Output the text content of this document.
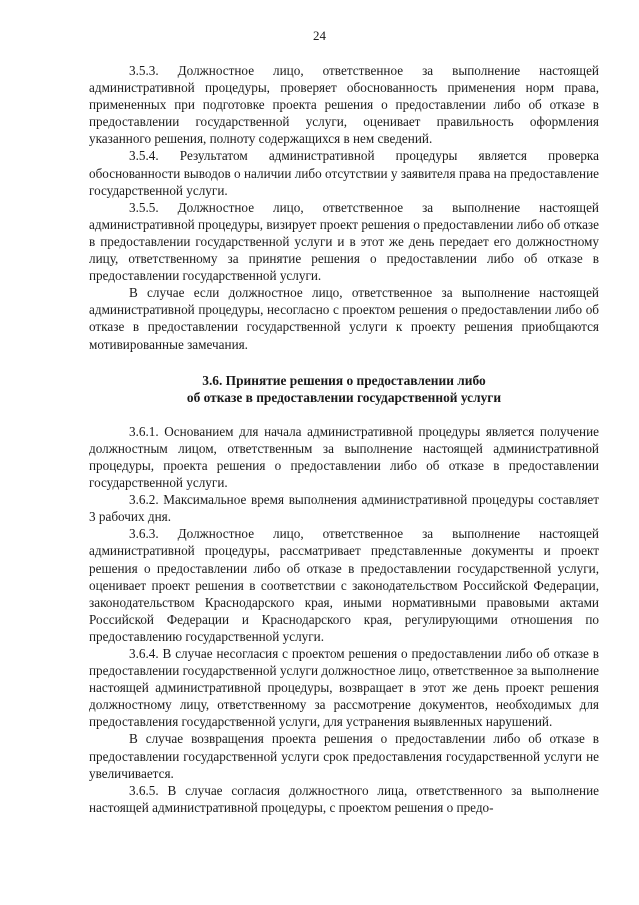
24

3.5.3. Должностное лицо, ответственное за выполнение настоящей административной процедуры, проверяет обоснованность применения норм права, примененных при подготовке проекта решения о предоставлении либо об отказе в предоставлении государственной услуги, оценивает правильность оформления указанного решения, полноту содержащихся в нем сведений.

3.5.4. Результатом административной процедуры является проверка обоснованности выводов о наличии либо отсутствии у заявителя права на предоставление государственной услуги.

3.5.5. Должностное лицо, ответственное за выполнение настоящей административной процедуры, визирует проект решения о предоставлении либо об отказе в предоставлении государственной услуги и в этот же день передает его должностному лицу, ответственному за принятие решения о предоставлении либо об отказе в предоставлении государственной услуги.

В случае если должностное лицо, ответственное за выполнение настоящей административной процедуры, несогласно с проектом решения о предоставлении либо об отказе в предоставлении государственной услуги к проекту решения приобщаются мотивированные замечания.

3.6. Принятие решения о предоставлении либо
об отказе в предоставлении государственной услуги

3.6.1. Основанием для начала административной процедуры является получение должностным лицом, ответственным за выполнение настоящей административной процедуры, проекта решения о предоставлении либо об отказе в предоставлении государственной услуги.

3.6.2. Максимальное время выполнения административной процедуры составляет 3 рабочих дня.

3.6.3. Должностное лицо, ответственное за выполнение настоящей административной процедуры, рассматривает представленные документы и проект решения о предоставлении либо об отказе в предоставлении государственной услуги, оценивает проект решения в соответствии с законодательством Российской Федерации, законодательством Краснодарского края, иными нормативными правовыми актами Российской Федерации и Краснодарского края, регулирующими отношения по предоставлению государственной услуги.

3.6.4. В случае несогласия с проектом решения о предоставлении либо об отказе в предоставлении государственной услуги должностное лицо, ответственное за выполнение настоящей административной процедуры, возвращает в этот же день проект решения должностному лицу, ответственному за рассмотрение документов, необходимых для предоставления государственной услуги, для устранения выявленных нарушений.

В случае возвращения проекта решения о предоставлении либо об отказе в предоставлении государственной услуги срок предоставления государственной услуги не увеличивается.

3.6.5. В случае согласия должностного лица, ответственного за выполнение настоящей административной процедуры, с проектом решения о предо-
